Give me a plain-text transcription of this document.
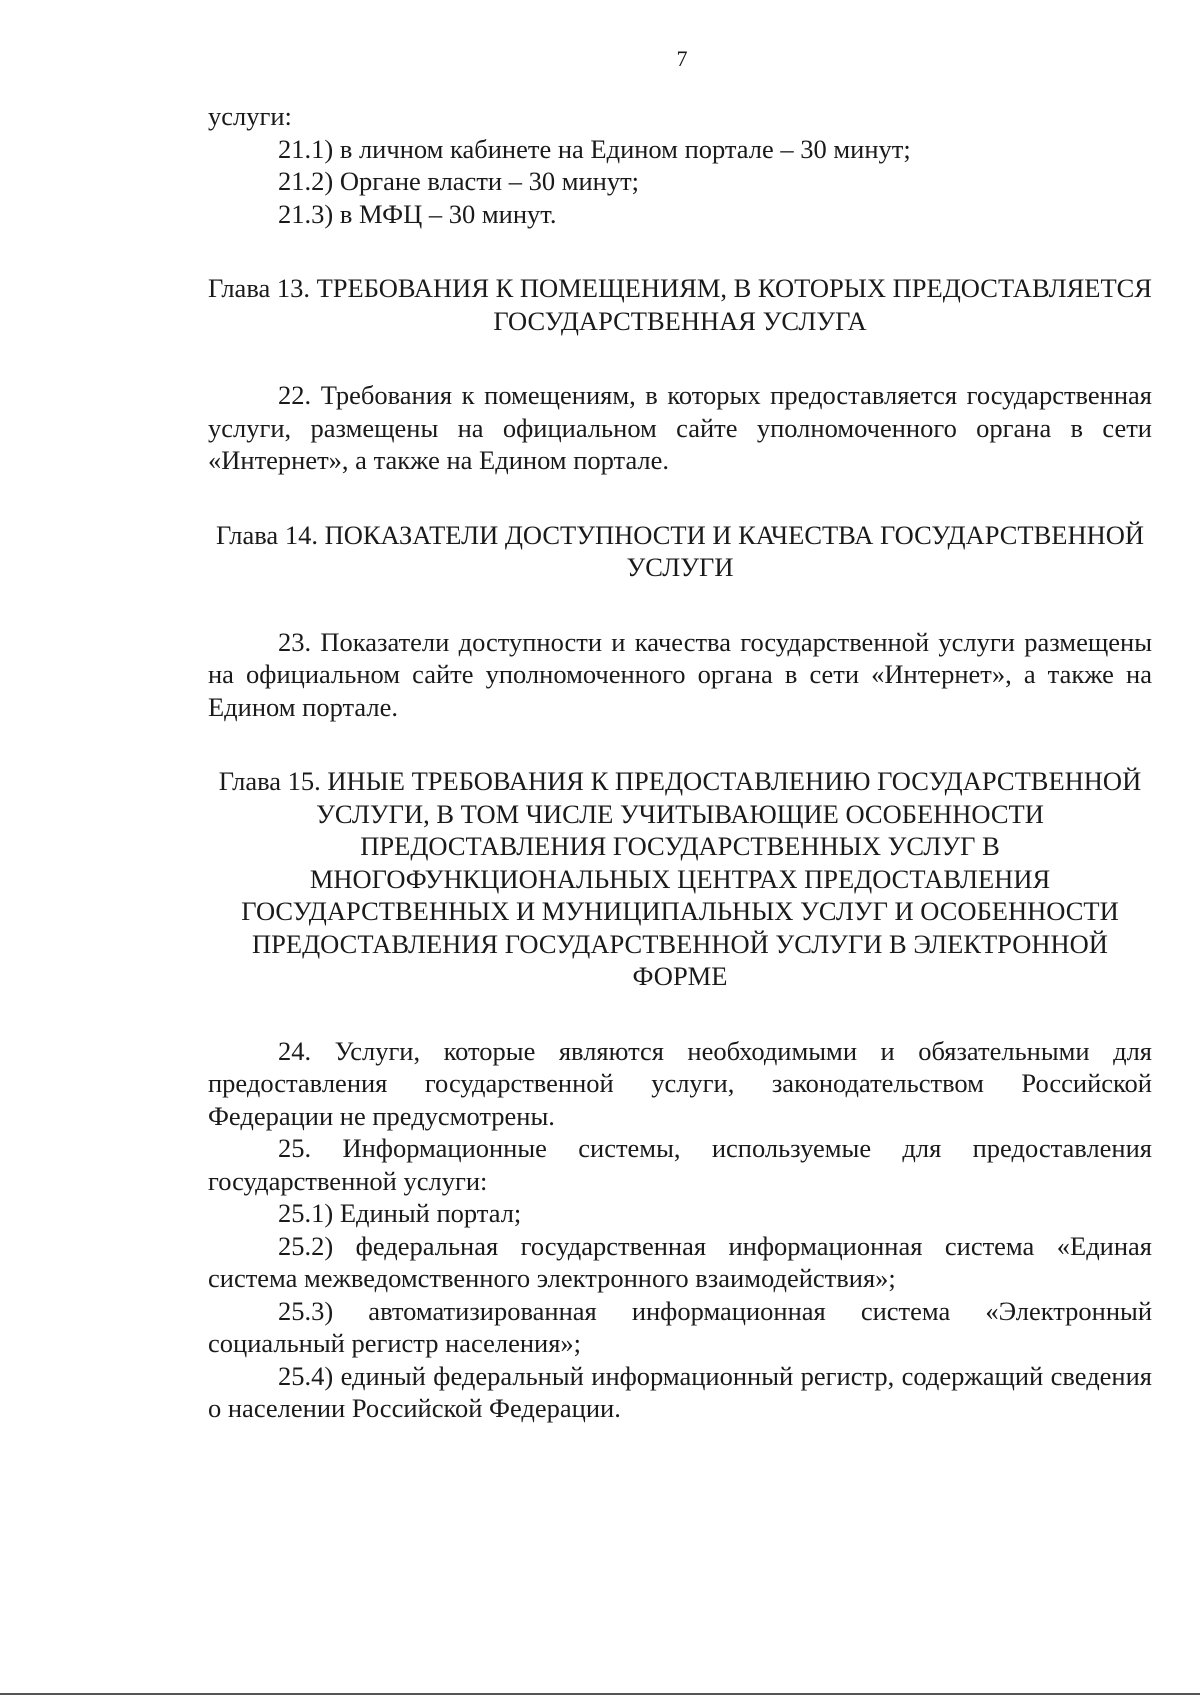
7

услуги:

21.1) в личном кабинете на Едином портале – 30 минут;

21.2) Органе власти – 30 минут;

21.3) в МФЦ – 30 минут.

Глава 13. ТРЕБОВАНИЯ К ПОМЕЩЕНИЯМ, В КОТОРЫХ ПРЕДОСТАВЛЯЕТСЯ ГОСУДАРСТВЕННАЯ УСЛУГА

22. Требования к помещениям, в которых предоставляется государственная услуги, размещены на официальном сайте уполномоченного органа в сети «Интернет», а также на Едином портале.

Глава 14. ПОКАЗАТЕЛИ ДОСТУПНОСТИ И КАЧЕСТВА ГОСУДАРСТВЕННОЙ УСЛУГИ

23. Показатели доступности и качества государственной услуги размещены на официальном сайте уполномоченного органа в сети «Интернет», а также на Едином портале.

Глава 15. ИНЫЕ ТРЕБОВАНИЯ К ПРЕДОСТАВЛЕНИЮ ГОСУДАРСТВЕННОЙ УСЛУГИ, В ТОМ ЧИСЛЕ УЧИТЫВАЮЩИЕ ОСОБЕННОСТИ ПРЕДОСТАВЛЕНИЯ ГОСУДАРСТВЕННЫХ УСЛУГ В МНОГОФУНКЦИОНАЛЬНЫХ ЦЕНТРАХ ПРЕДОСТАВЛЕНИЯ ГОСУДАРСТВЕННЫХ И МУНИЦИПАЛЬНЫХ УСЛУГ И ОСОБЕННОСТИ ПРЕДОСТАВЛЕНИЯ ГОСУДАРСТВЕННОЙ УСЛУГИ В ЭЛЕКТРОННОЙ ФОРМЕ

24. Услуги, которые являются необходимыми и обязательными для предоставления государственной услуги, законодательством Российской Федерации не предусмотрены.

25. Информационные системы, используемые для предоставления государственной услуги:

25.1) Единый портал;

25.2) федеральная государственная информационная система «Единая система межведомственного электронного взаимодействия»;

25.3) автоматизированная информационная система «Электронный социальный регистр населения»;

25.4) единый федеральный информационный регистр, содержащий сведения о населении Российской Федерации.
